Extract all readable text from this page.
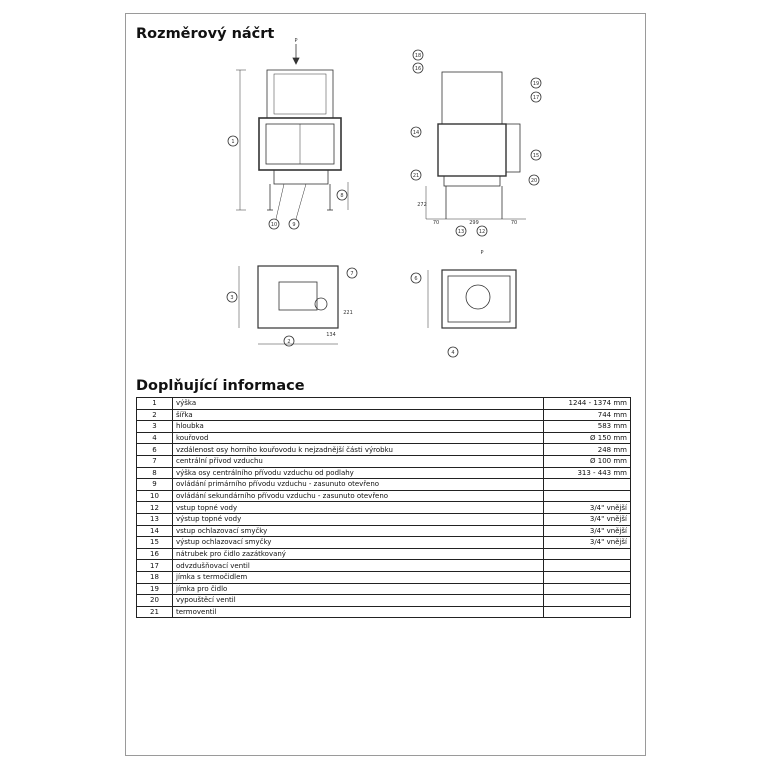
Rozměrový náčrt	P
P
1
10	9
8
18
16
19
17
14
15
21
20
13	12
3
7
2
6
4
272
70	299	70
221
134
Doplňující informace
1	výška	1244 - 1374 mm
2	šířka	744 mm
3	hloubka	583 mm
4	kouřovod	Ø 150 mm
6	vzdálenost osy horního kouřovodu k nejzadnější části výrobku	248 mm
7	centrální přívod vzduchu	Ø 100 mm
8	výška osy centrálního přívodu vzduchu od podlahy	313 - 443 mm
9	ovládání primárního přívodu vzduchu - zasunuto otevřeno	
10	ovládání sekundárního přívodu vzduchu - zasunuto otevřeno	
12	vstup topné vody	3/4" vnější
13	výstup topné vody	3/4" vnější
14	vstup ochlazovací smyčky	3/4" vnější
15	výstup ochlazovací smyčky	3/4" vnější
16	nátrubek pro čidlo zazátkovaný	
17	odvzdušňovací ventil	
18	jímka s termočidlem	
19	jímka pro čidlo	
20	vypouštěcí ventil	
21	termoventil	
